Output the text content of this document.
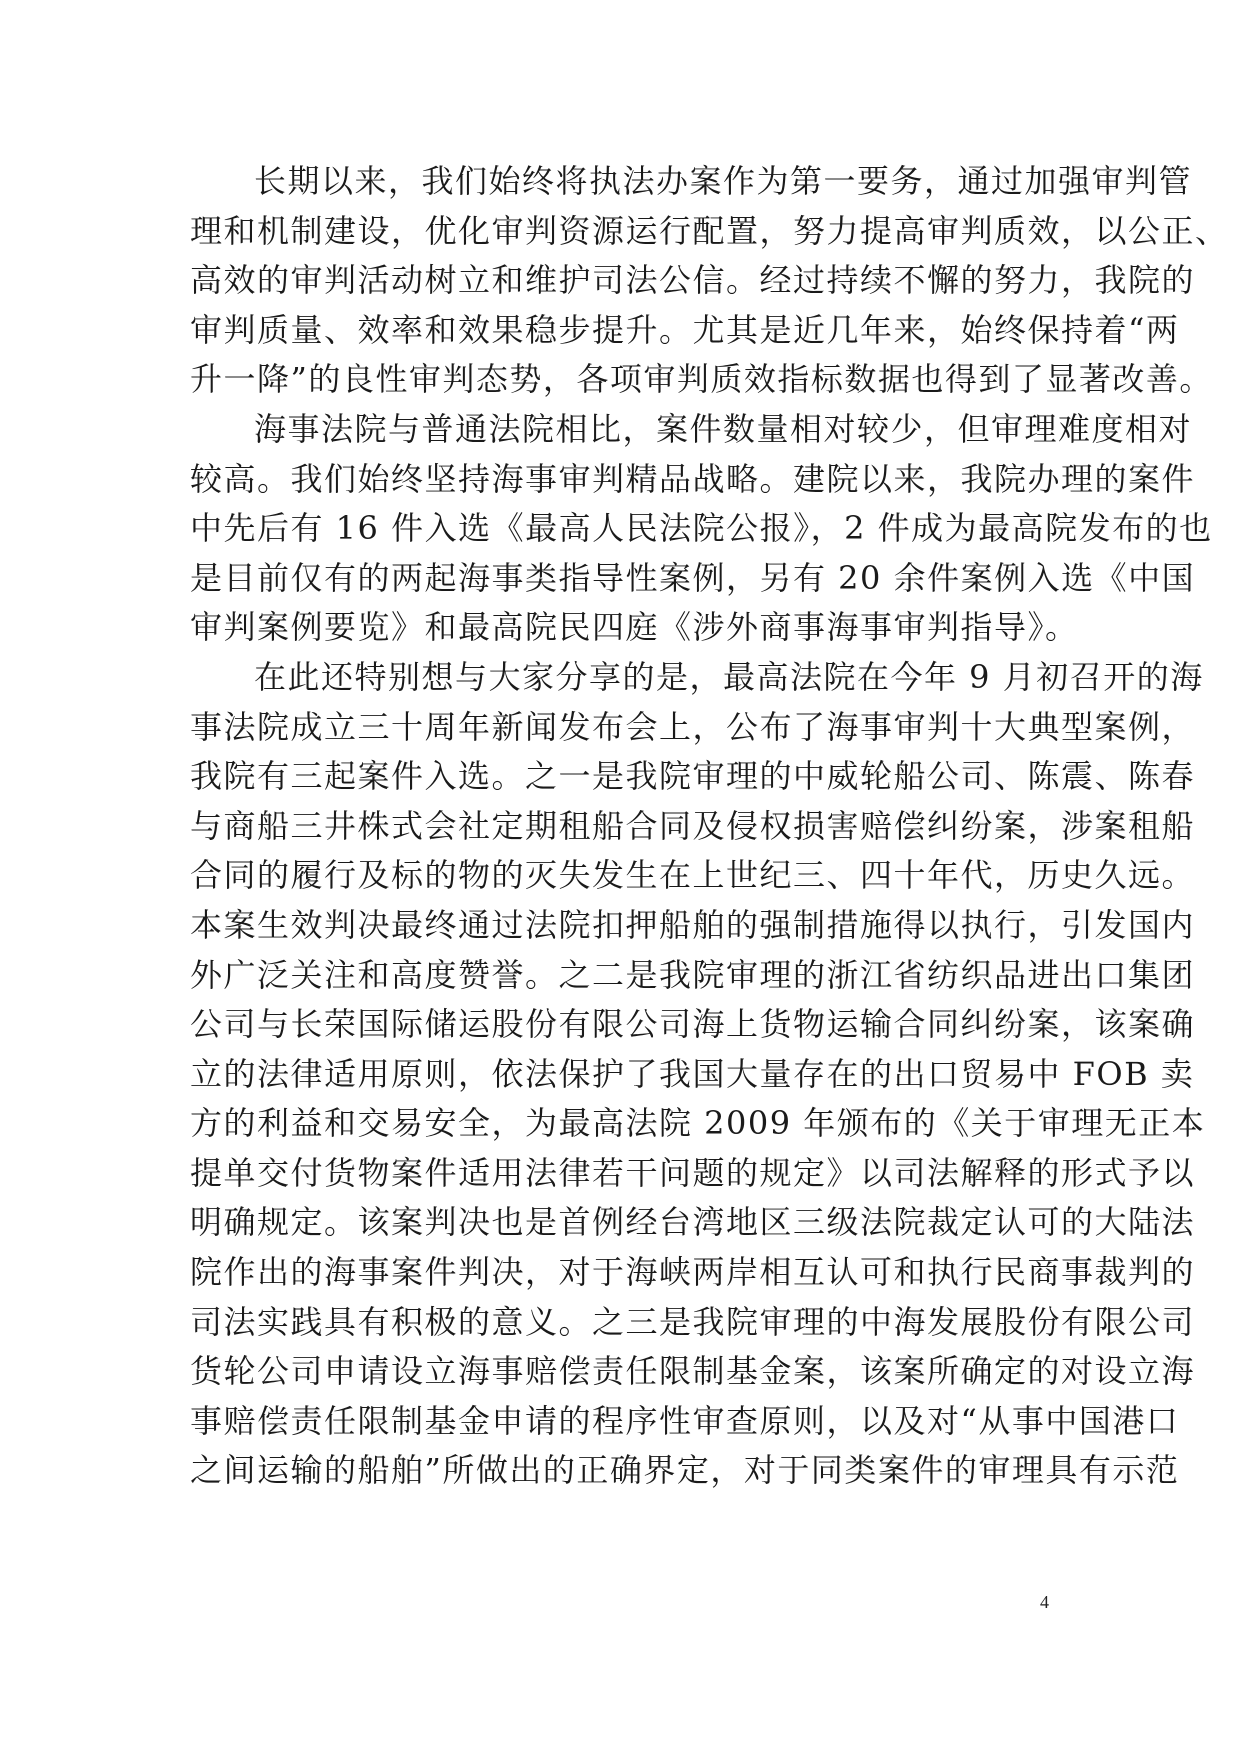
长期以来，我们始终将执法办案作为第一要务，通过加强审判管
理和机制建设，优化审判资源运行配置，努力提高审判质效，以公正、
高效的审判活动树立和维护司法公信。经过持续不懈的努力，我院的
审判质量、效率和效果稳步提升。尤其是近几年来，始终保持着“两
升一降”的良性审判态势，各项审判质效指标数据也得到了显著改善。
海事法院与普通法院相比，案件数量相对较少，但审理难度相对
较高。我们始终坚持海事审判精品战略。建院以来，我院办理的案件
中先后有 16 件入选《最高人民法院公报》，2 件成为最高院发布的也
是目前仅有的两起海事类指导性案例，另有 20 余件案例入选《中国
审判案例要览》和最高院民四庭《涉外商事海事审判指导》。
在此还特别想与大家分享的是，最高法院在今年 9 月初召开的海
事法院成立三十周年新闻发布会上，公布了海事审判十大典型案例，
我院有三起案件入选。之一是我院审理的中威轮船公司、陈震、陈春
与商船三井株式会社定期租船合同及侵权损害赔偿纠纷案，涉案租船
合同的履行及标的物的灭失发生在上世纪三、四十年代，历史久远。
本案生效判决最终通过法院扣押船舶的强制措施得以执行，引发国内
外广泛关注和高度赞誉。之二是我院审理的浙江省纺织品进出口集团
公司与长荣国际储运股份有限公司海上货物运输合同纠纷案，该案确
立的法律适用原则，依法保护了我国大量存在的出口贸易中 FOB 卖
方的利益和交易安全，为最高法院 2009 年颁布的《关于审理无正本
提单交付货物案件适用法律若干问题的规定》以司法解释的形式予以
明确规定。该案判决也是首例经台湾地区三级法院裁定认可的大陆法
院作出的海事案件判决，对于海峡两岸相互认可和执行民商事裁判的
司法实践具有积极的意义。之三是我院审理的中海发展股份有限公司
货轮公司申请设立海事赔偿责任限制基金案，该案所确定的对设立海
事赔偿责任限制基金申请的程序性审查原则，以及对“从事中国港口
之间运输的船舶”所做出的正确界定，对于同类案件的审理具有示范
4
